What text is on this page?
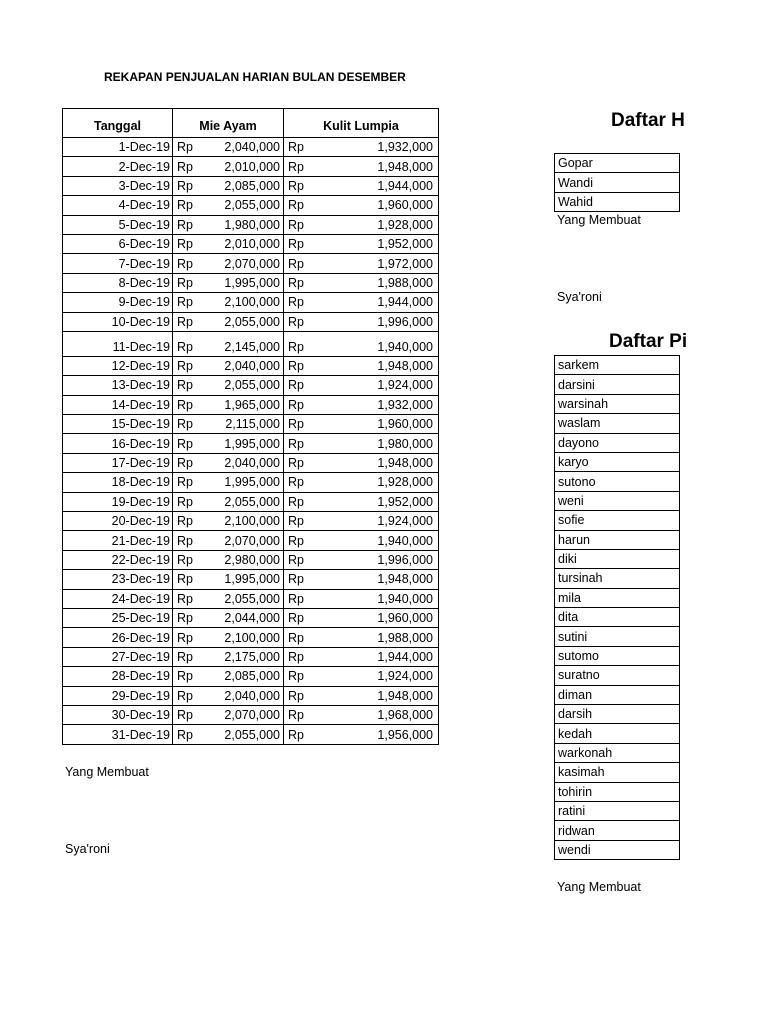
REKAPAN PENJUALAN HARIAN BULAN DESEMBER
Tanggal	Mie Ayam		Kulit Lumpia	
1-Dec-19	Rp	2,040,000	Rp	1,932,000
2-Dec-19	Rp	2,010,000	Rp	1,948,000
3-Dec-19	Rp	2,085,000	Rp	1,944,000
4-Dec-19	Rp	2,055,000	Rp	1,960,000
5-Dec-19	Rp	1,980,000	Rp	1,928,000
6-Dec-19	Rp	2,010,000	Rp	1,952,000
7-Dec-19	Rp	2,070,000	Rp	1,972,000
8-Dec-19	Rp	1,995,000	Rp	1,988,000
9-Dec-19	Rp	2,100,000	Rp	1,944,000
10-Dec-19	Rp	2,055,000	Rp	1,996,000
11-Dec-19	Rp	2,145,000	Rp	1,940,000
12-Dec-19	Rp	2,040,000	Rp	1,948,000
13-Dec-19	Rp	2,055,000	Rp	1,924,000
14-Dec-19	Rp	1,965,000	Rp	1,932,000
15-Dec-19	Rp	2,115,000	Rp	1,960,000
16-Dec-19	Rp	1,995,000	Rp	1,980,000
17-Dec-19	Rp	2,040,000	Rp	1,948,000
18-Dec-19	Rp	1,995,000	Rp	1,928,000
19-Dec-19	Rp	2,055,000	Rp	1,952,000
20-Dec-19	Rp	2,100,000	Rp	1,924,000
21-Dec-19	Rp	2,070,000	Rp	1,940,000
22-Dec-19	Rp	2,980,000	Rp	1,996,000
23-Dec-19	Rp	1,995,000	Rp	1,948,000
24-Dec-19	Rp	2,055,000	Rp	1,940,000
25-Dec-19	Rp	2,044,000	Rp	1,960,000
26-Dec-19	Rp	2,100,000	Rp	1,988,000
27-Dec-19	Rp	2,175,000	Rp	1,944,000
28-Dec-19	Rp	2,085,000	Rp	1,924,000
29-Dec-19	Rp	2,040,000	Rp	1,948,000
30-Dec-19	Rp	2,070,000	Rp	1,968,000
31-Dec-19	Rp	2,055,000	Rp	1,956,000
Yang Membuat
Sya'roni
Daftar H
Gopar
Wandi
Wahid
Yang Membuat
Sya'roni
Daftar Pi
sarkem
darsini
warsinah
waslam
dayono
karyo
sutono
weni
sofie
harun
diki
tursinah
mila
dita
sutini
sutomo
suratno
diman
darsih
kedah
warkonah
kasimah
tohirin
ratini
ridwan
wendi
Yang Membuat
